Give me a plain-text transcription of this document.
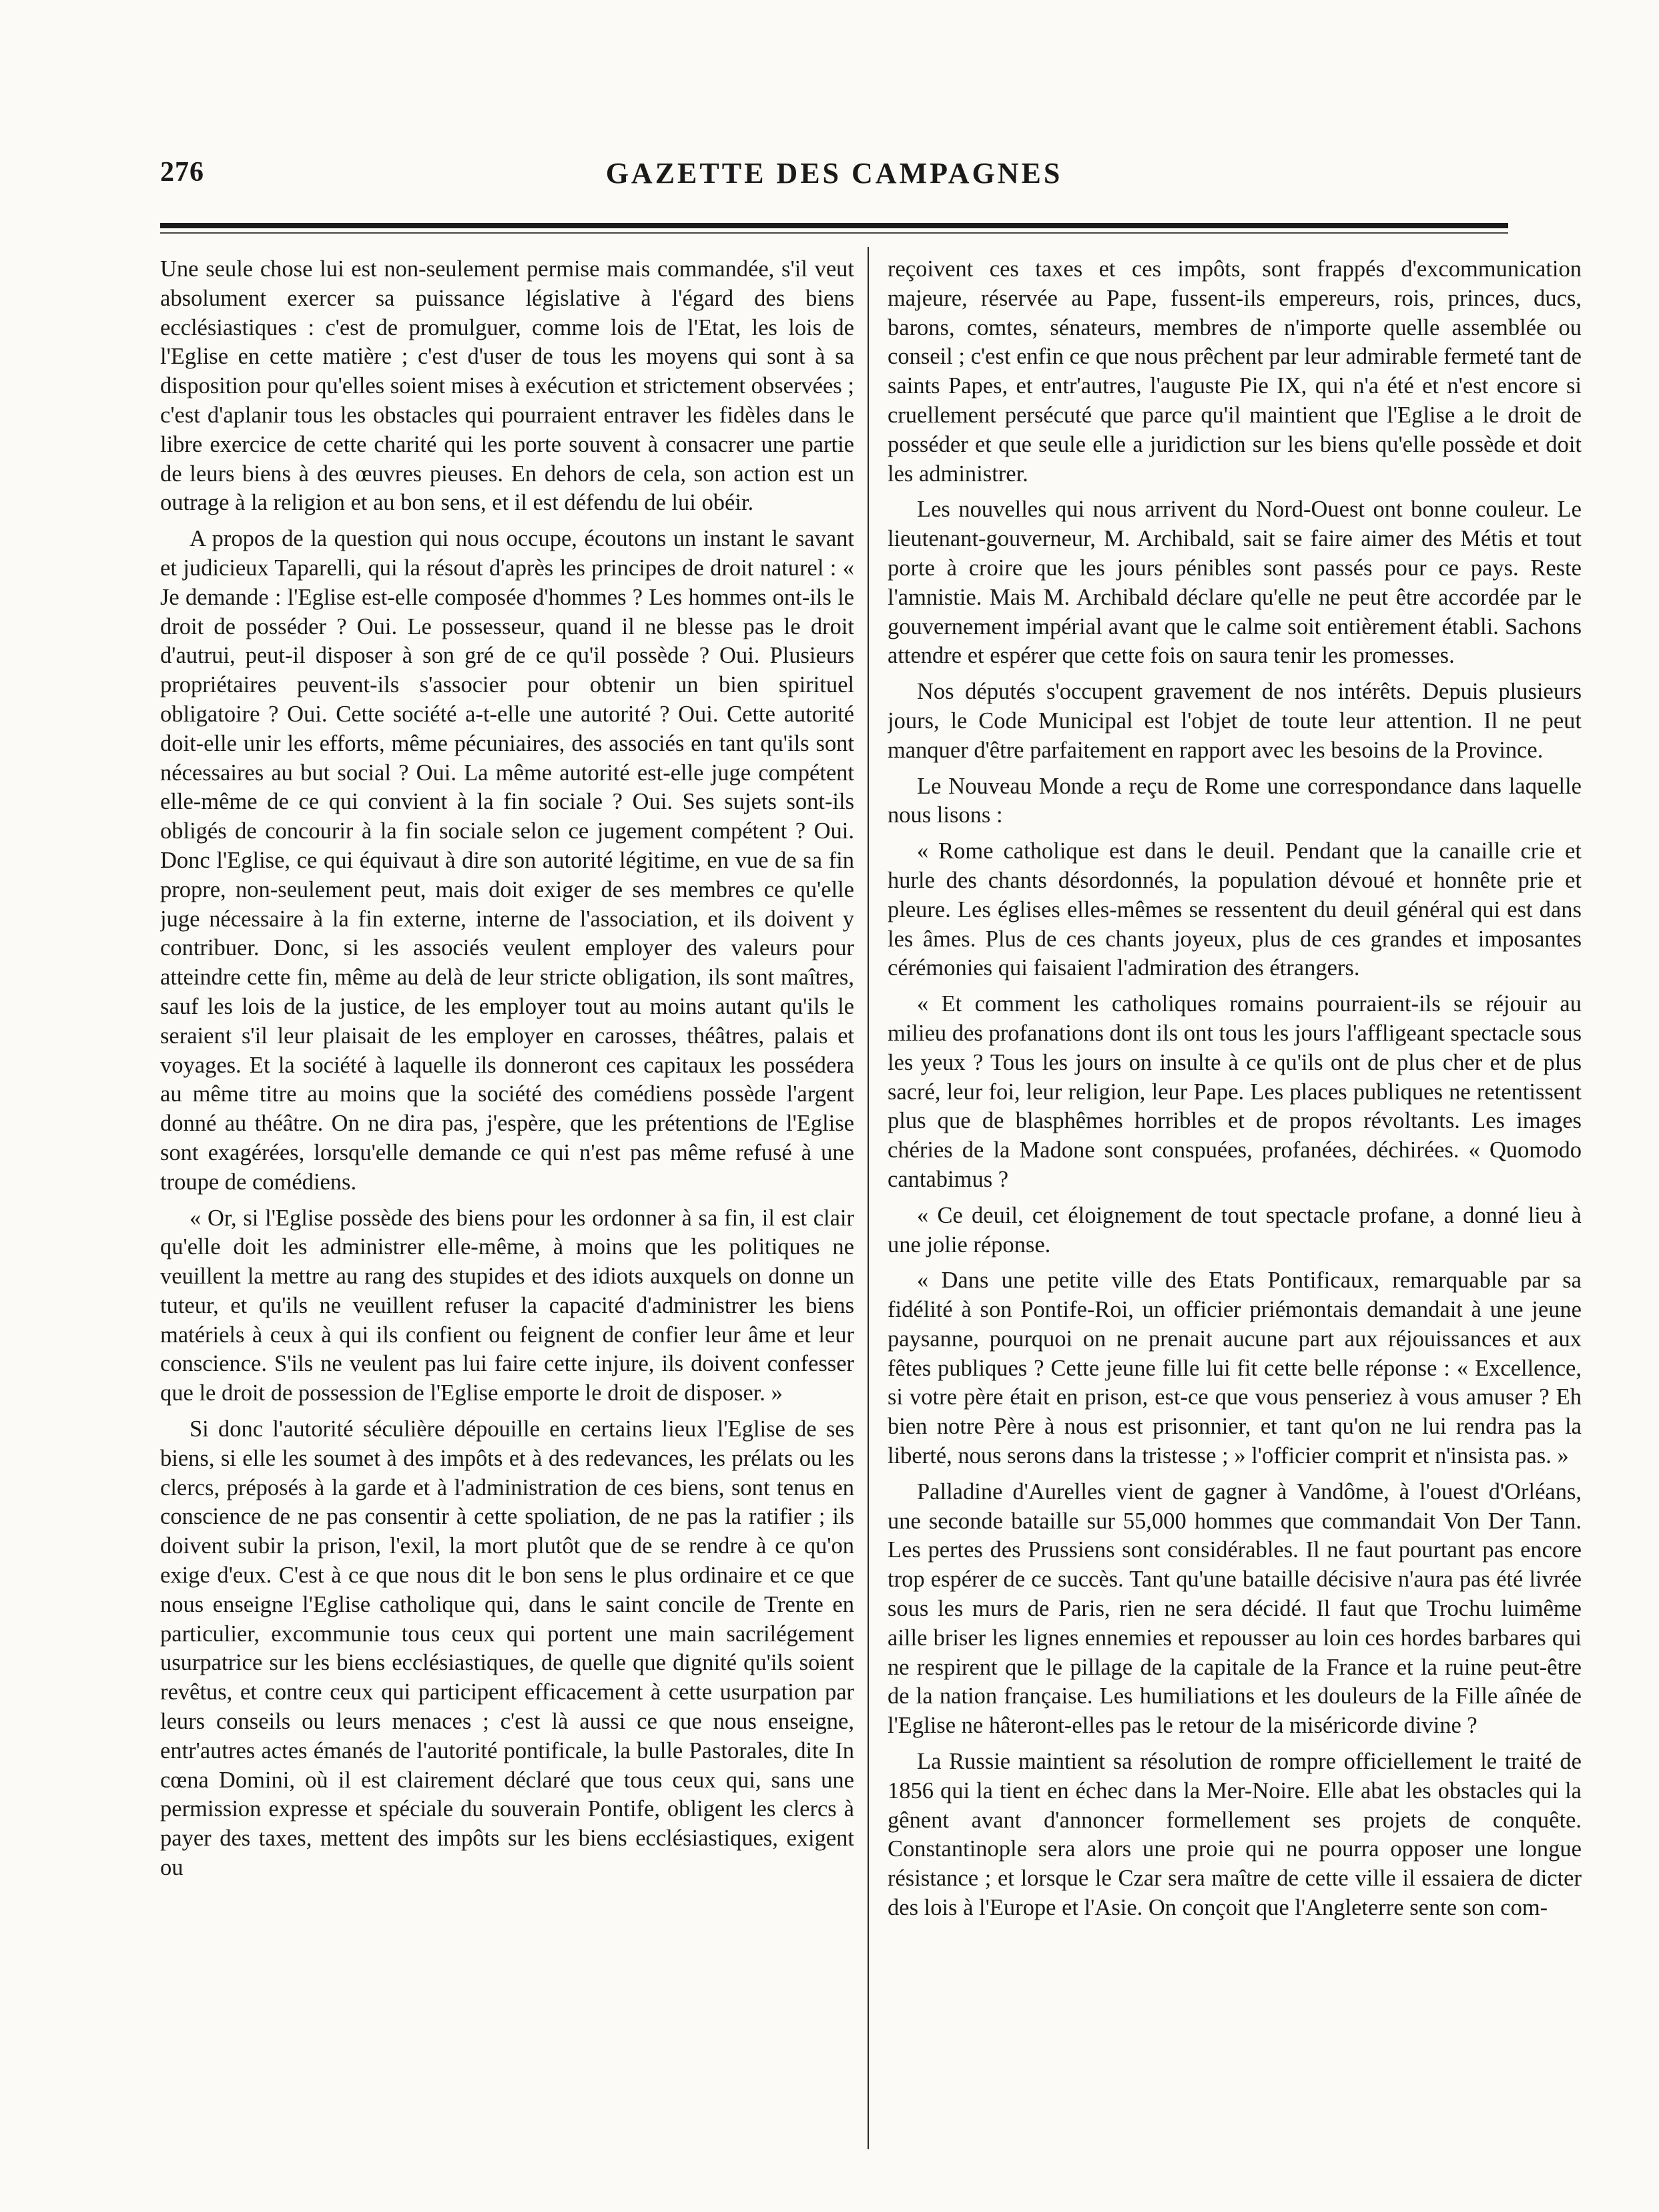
276	GAZETTE DES CAMPAGNES

Une seule chose lui est non-seulement permise mais commandée, s'il veut absolument exercer sa puissance législative à l'égard des biens ecclésiastiques : c'est de promulguer, comme lois de l'Etat, les lois de l'Eglise en cette matière ; c'est d'user de tous les moyens qui sont à sa disposition pour qu'elles soient mises à exécution et strictement observées ; c'est d'aplanir tous les obstacles qui pourraient entraver les fidèles dans le libre exercice de cette charité qui les porte souvent à consacrer une partie de leurs biens à des œuvres pieuses. En dehors de cela, son action est un outrage à la religion et au bon sens, et il est défendu de lui obéir.

A propos de la question qui nous occupe, écoutons un instant le savant et judicieux Taparelli, qui la résout d'après les principes de droit naturel : « Je demande : l'Eglise est-elle composée d'hommes ? Les hommes ont-ils le droit de posséder ? Oui. Le possesseur, quand il ne blesse pas le droit d'autrui, peut-il disposer à son gré de ce qu'il possède ? Oui. Plusieurs propriétaires peuvent-ils s'associer pour obtenir un bien spirituel obligatoire ? Oui. Cette société a-t-elle une autorité ? Oui. Cette autorité doit-elle unir les efforts, même pécuniaires, des associés en tant qu'ils sont nécessaires au but social ? Oui. La même autorité est-elle juge compétent elle-même de ce qui convient à la fin sociale ? Oui. Ses sujets sont-ils obligés de concourir à la fin sociale selon ce jugement compétent ? Oui. Donc l'Eglise, ce qui équivaut à dire son autorité légitime, en vue de sa fin propre, non-seulement peut, mais doit exiger de ses membres ce qu'elle juge nécessaire à la fin externe, interne de l'association, et ils doivent y contribuer. Donc, si les associés veulent employer des valeurs pour atteindre cette fin, même au delà de leur stricte obligation, ils sont maîtres, sauf les lois de la justice, de les employer tout au moins autant qu'ils le seraient s'il leur plaisait de les employer en carosses, théâtres, palais et voyages. Et la société à laquelle ils donneront ces capitaux les possédera au même titre au moins que la société des comédiens possède l'argent donné au théâtre. On ne dira pas, j'espère, que les prétentions de l'Eglise sont exagérées, lorsqu'elle demande ce qui n'est pas même refusé à une troupe de comédiens.

« Or, si l'Eglise possède des biens pour les ordonner à sa fin, il est clair qu'elle doit les administrer elle-même, à moins que les politiques ne veuillent la mettre au rang des stupides et des idiots auxquels on donne un tuteur, et qu'ils ne veuillent refuser la capacité d'administrer les biens matériels à ceux à qui ils confient ou feignent de confier leur âme et leur conscience. S'ils ne veulent pas lui faire cette injure, ils doivent confesser que le droit de possession de l'Eglise emporte le droit de disposer. »

Si donc l'autorité séculière dépouille en certains lieux l'Eglise de ses biens, si elle les soumet à des impôts et à des redevances, les prélats ou les clercs, préposés à la garde et à l'administration de ces biens, sont tenus en conscience de ne pas consentir à cette spoliation, de ne pas la ratifier ; ils doivent subir la prison, l'exil, la mort plutôt que de se rendre à ce qu'on exige d'eux. C'est à ce que nous dit le bon sens le plus ordinaire et ce que nous enseigne l'Eglise catholique qui, dans le saint concile de Trente en particulier, excommunie tous ceux qui portent une main sacrilégement usurpatrice sur les biens ecclésiastiques, de quelle que dignité qu'ils soient revêtus, et contre ceux qui participent efficacement à cette usurpation par leurs conseils ou leurs menaces ; c'est là aussi ce que nous enseigne, entr'autres actes émanés de l'autorité pontificale, la bulle Pastorales, dite In cœna Domini, où il est clairement déclaré que tous ceux qui, sans une permission expresse et spéciale du souverain Pontife, obligent les clercs à payer des taxes, mettent des impôts sur les biens ecclésiastiques, exigent ou

reçoivent ces taxes et ces impôts, sont frappés d'excommunication majeure, réservée au Pape, fussent-ils empereurs, rois, princes, ducs, barons, comtes, sénateurs, membres de n'importe quelle assemblée ou conseil ; c'est enfin ce que nous prêchent par leur admirable fermeté tant de saints Papes, et entr'autres, l'auguste Pie IX, qui n'a été et n'est encore si cruellement persécuté que parce qu'il maintient que l'Eglise a le droit de posséder et que seule elle a juridiction sur les biens qu'elle possède et doit les administrer.

Les nouvelles qui nous arrivent du Nord-Ouest ont bonne couleur. Le lieutenant-gouverneur, M. Archibald, sait se faire aimer des Métis et tout porte à croire que les jours pénibles sont passés pour ce pays. Reste l'amnistie. Mais M. Archibald déclare qu'elle ne peut être accordée par le gouvernement impérial avant que le calme soit entièrement établi. Sachons attendre et espérer que cette fois on saura tenir les promesses.

Nos députés s'occupent gravement de nos intérêts. Depuis plusieurs jours, le Code Municipal est l'objet de toute leur attention. Il ne peut manquer d'être parfaitement en rapport avec les besoins de la Province.

Le Nouveau Monde a reçu de Rome une correspondance dans laquelle nous lisons :

« Rome catholique est dans le deuil. Pendant que la canaille crie et hurle des chants désordonnés, la population dévoué et honnête prie et pleure. Les églises elles-mêmes se ressentent du deuil général qui est dans les âmes. Plus de ces chants joyeux, plus de ces grandes et imposantes cérémonies qui faisaient l'admiration des étrangers.

« Et comment les catholiques romains pourraient-ils se réjouir au milieu des profanations dont ils ont tous les jours l'affligeant spectacle sous les yeux ? Tous les jours on insulte à ce qu'ils ont de plus cher et de plus sacré, leur foi, leur religion, leur Pape. Les places publiques ne retentissent plus que de blasphêmes horribles et de propos révoltants. Les images chéries de la Madone sont conspuées, profanées, déchirées. « Quomodo cantabimus ?

« Ce deuil, cet éloignement de tout spectacle profane, a donné lieu à une jolie réponse.

« Dans une petite ville des Etats Pontificaux, remarquable par sa fidélité à son Pontife-Roi, un officier priémontais demandait à une jeune paysanne, pourquoi on ne prenait aucune part aux réjouissances et aux fêtes publiques ? Cette jeune fille lui fit cette belle réponse : « Excellence, si votre père était en prison, est-ce que vous penseriez à vous amuser ? Eh bien notre Père à nous est prisonnier, et tant qu'on ne lui rendra pas la liberté, nous serons dans la tristesse ; » l'officier comprit et n'insista pas. »

Palladine d'Aurelles vient de gagner à Vandôme, à l'ouest d'Orléans, une seconde bataille sur 55,000 hommes que commandait Von Der Tann. Les pertes des Prussiens sont considérables. Il ne faut pourtant pas encore trop espérer de ce succès. Tant qu'une bataille décisive n'aura pas été livrée sous les murs de Paris, rien ne sera décidé. Il faut que Trochu luimême aille briser les lignes ennemies et repousser au loin ces hordes barbares qui ne respirent que le pillage de la capitale de la France et la ruine peut-être de la nation française. Les humiliations et les douleurs de la Fille aînée de l'Eglise ne hâteront-elles pas le retour de la miséricorde divine ?

La Russie maintient sa résolution de rompre officiellement le traité de 1856 qui la tient en échec dans la Mer-Noire. Elle abat les obstacles qui la gênent avant d'annoncer formellement ses projets de conquête. Constantinople sera alors une proie qui ne pourra opposer une longue résistance ; et lorsque le Czar sera maître de cette ville il essaiera de dicter des lois à l'Europe et l'Asie. On conçoit que l'Angleterre sente son com-
